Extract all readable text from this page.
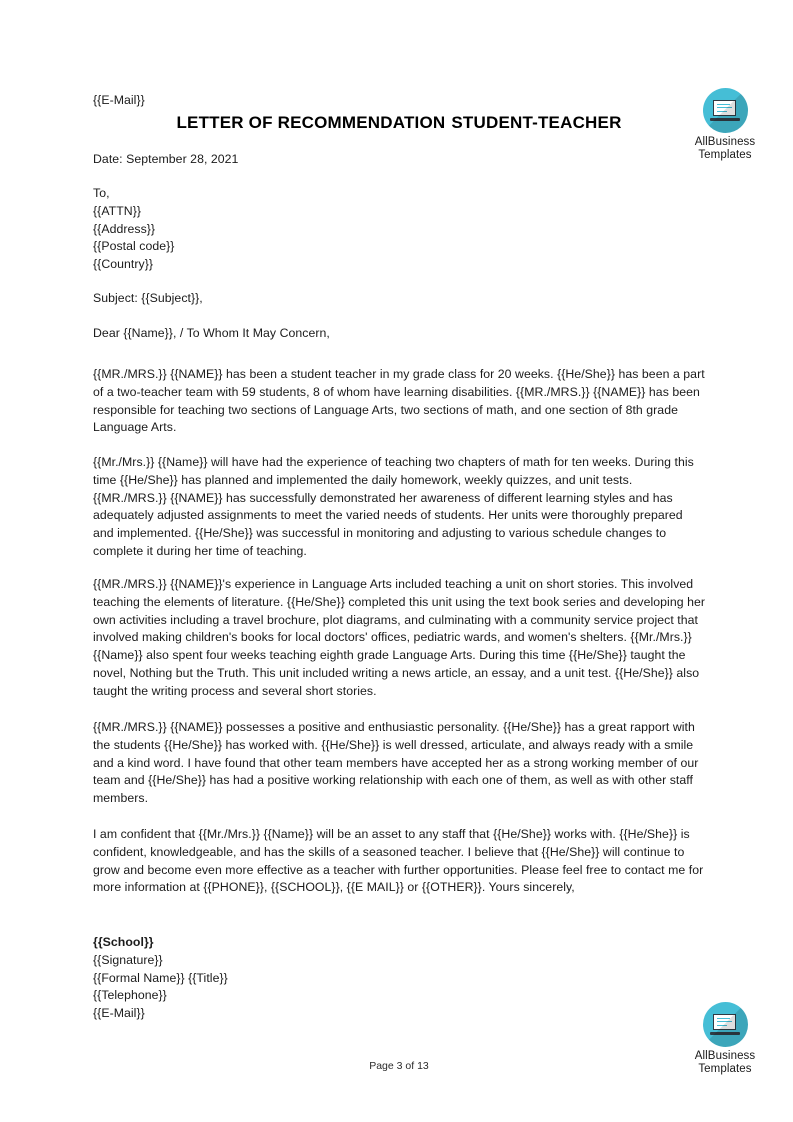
AllBusiness
Templates
{{E-Mail}}
LETTER OF RECOMMENDATION STUDENT-TEACHER
Date: September 28, 2021
To,
{{ATTN}}
{{Address}}
{{Postal code}}
{{Country}}
Subject: {{Subject}},
Dear {{Name}}, / To Whom It May Concern,

{{MR./MRS.}} {{NAME}} has been a student teacher in my grade class for 20 weeks. {{He/She}} has been a part of a two-teacher team with 59 students, 8 of whom have learning disabilities. {{MR./MRS.}} {{NAME}} has been responsible for teaching two sections of Language Arts, two sections of math, and one section of 8th grade Language Arts.

{{Mr./Mrs.}} {{Name}} will have had the experience of teaching two chapters of math for ten weeks. During this time {{He/She}} has planned and implemented the daily homework, weekly quizzes, and unit tests. {{MR./MRS.}} {{NAME}} has successfully demonstrated her awareness of different learning styles and has adequately adjusted assignments to meet the varied needs of students. Her units were thoroughly prepared and implemented. {{He/She}} was successful in monitoring and adjusting to various schedule changes to complete it during her time of teaching.

{{MR./MRS.}} {{NAME}}'s experience in Language Arts included teaching a unit on short stories. This involved teaching the elements of literature. {{He/She}} completed this unit using the text book series and developing her own activities including a travel brochure, plot diagrams, and culminating with a community service project that involved making children's books for local doctors' offices, pediatric wards, and women's shelters. {{Mr./Mrs.}} {{Name}} also spent four weeks teaching eighth grade Language Arts. During this time {{He/She}} taught the novel, Nothing but the Truth. This unit included writing a news article, an essay, and a unit test. {{He/She}} also taught the writing process and several short stories.

{{MR./MRS.}} {{NAME}} possesses a positive and enthusiastic personality. {{He/She}} has a great rapport with the students {{He/She}} has worked with. {{He/She}} is well dressed, articulate, and always ready with a smile and a kind word. I have found that other team members have accepted her as a strong working member of our team and {{He/She}} has had a positive working relationship with each one of them, as well as with other staff members.

I am confident that {{Mr./Mrs.}} {{Name}} will be an asset to any staff that {{He/She}} works with. {{He/She}} is confident, knowledgeable, and has the skills of a seasoned teacher. I believe that {{He/She}} will continue to grow and become even more effective as a teacher with further opportunities. Please feel free to contact me for more information at {{PHONE}}, {{SCHOOL}}, {{E MAIL}} or {{OTHER}}. Yours sincerely,

{{School}}
{{Signature}}
{{Formal Name}} {{Title}}
{{Telephone}}
{{E-Mail}}
Page 3 of 13
AllBusiness
Templates
